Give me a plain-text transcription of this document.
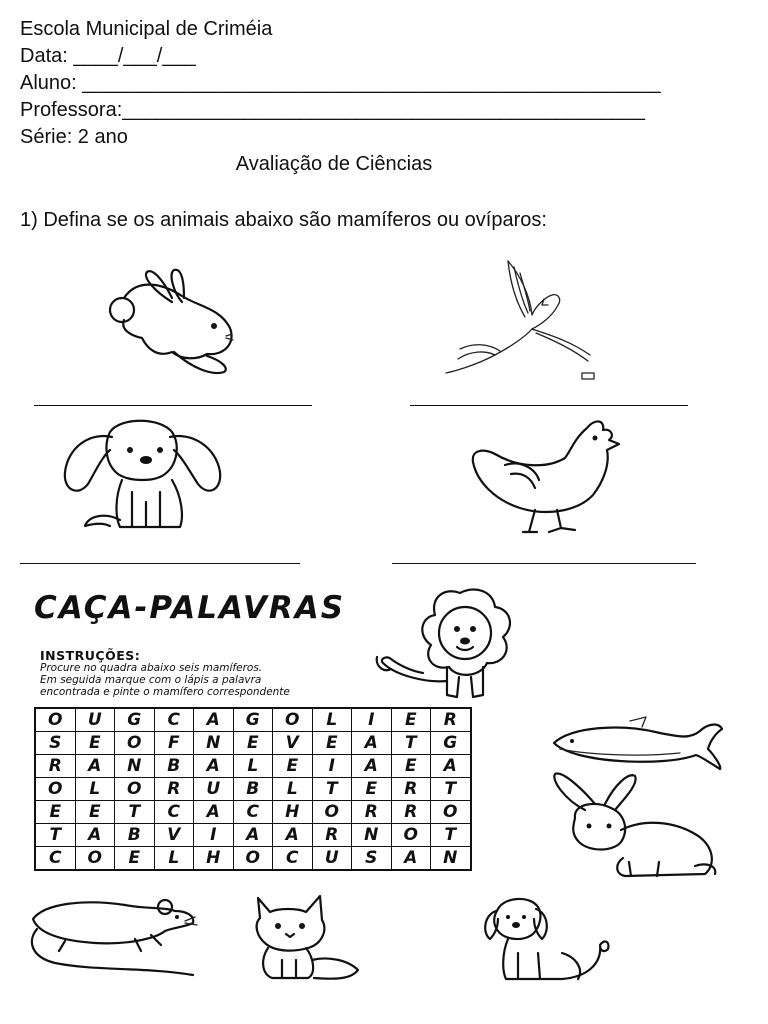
Escola Municipal de Criméia
Data: ____/___/___
Aluno: ____________________________________________________
Professora:_______________________________________________
Série: 2 ano
Avaliação de Ciências
1) Defina se os animais abaixo são mamíferos ou ovíparos:
CAÇA-PALAVRAS
INSTRUÇÕES:
Procure no quadra abaixo seis mamíferos.
Em seguida marque com o lápis a palavra
encontrada e pinte o mamífero correspondente
O	U	G	C	A	G	O	L	I	E	R
S	E	O	F	N	E	V	E	A	T	G
R	A	N	B	A	L	E	I	A	E	A
O	L	O	R	U	B	L	T	E	R	T
E	E	T	C	A	C	H	O	R	R	O
T	A	B	V	I	A	A	R	N	O	T
C	O	E	L	H	O	C	U	S	A	N
